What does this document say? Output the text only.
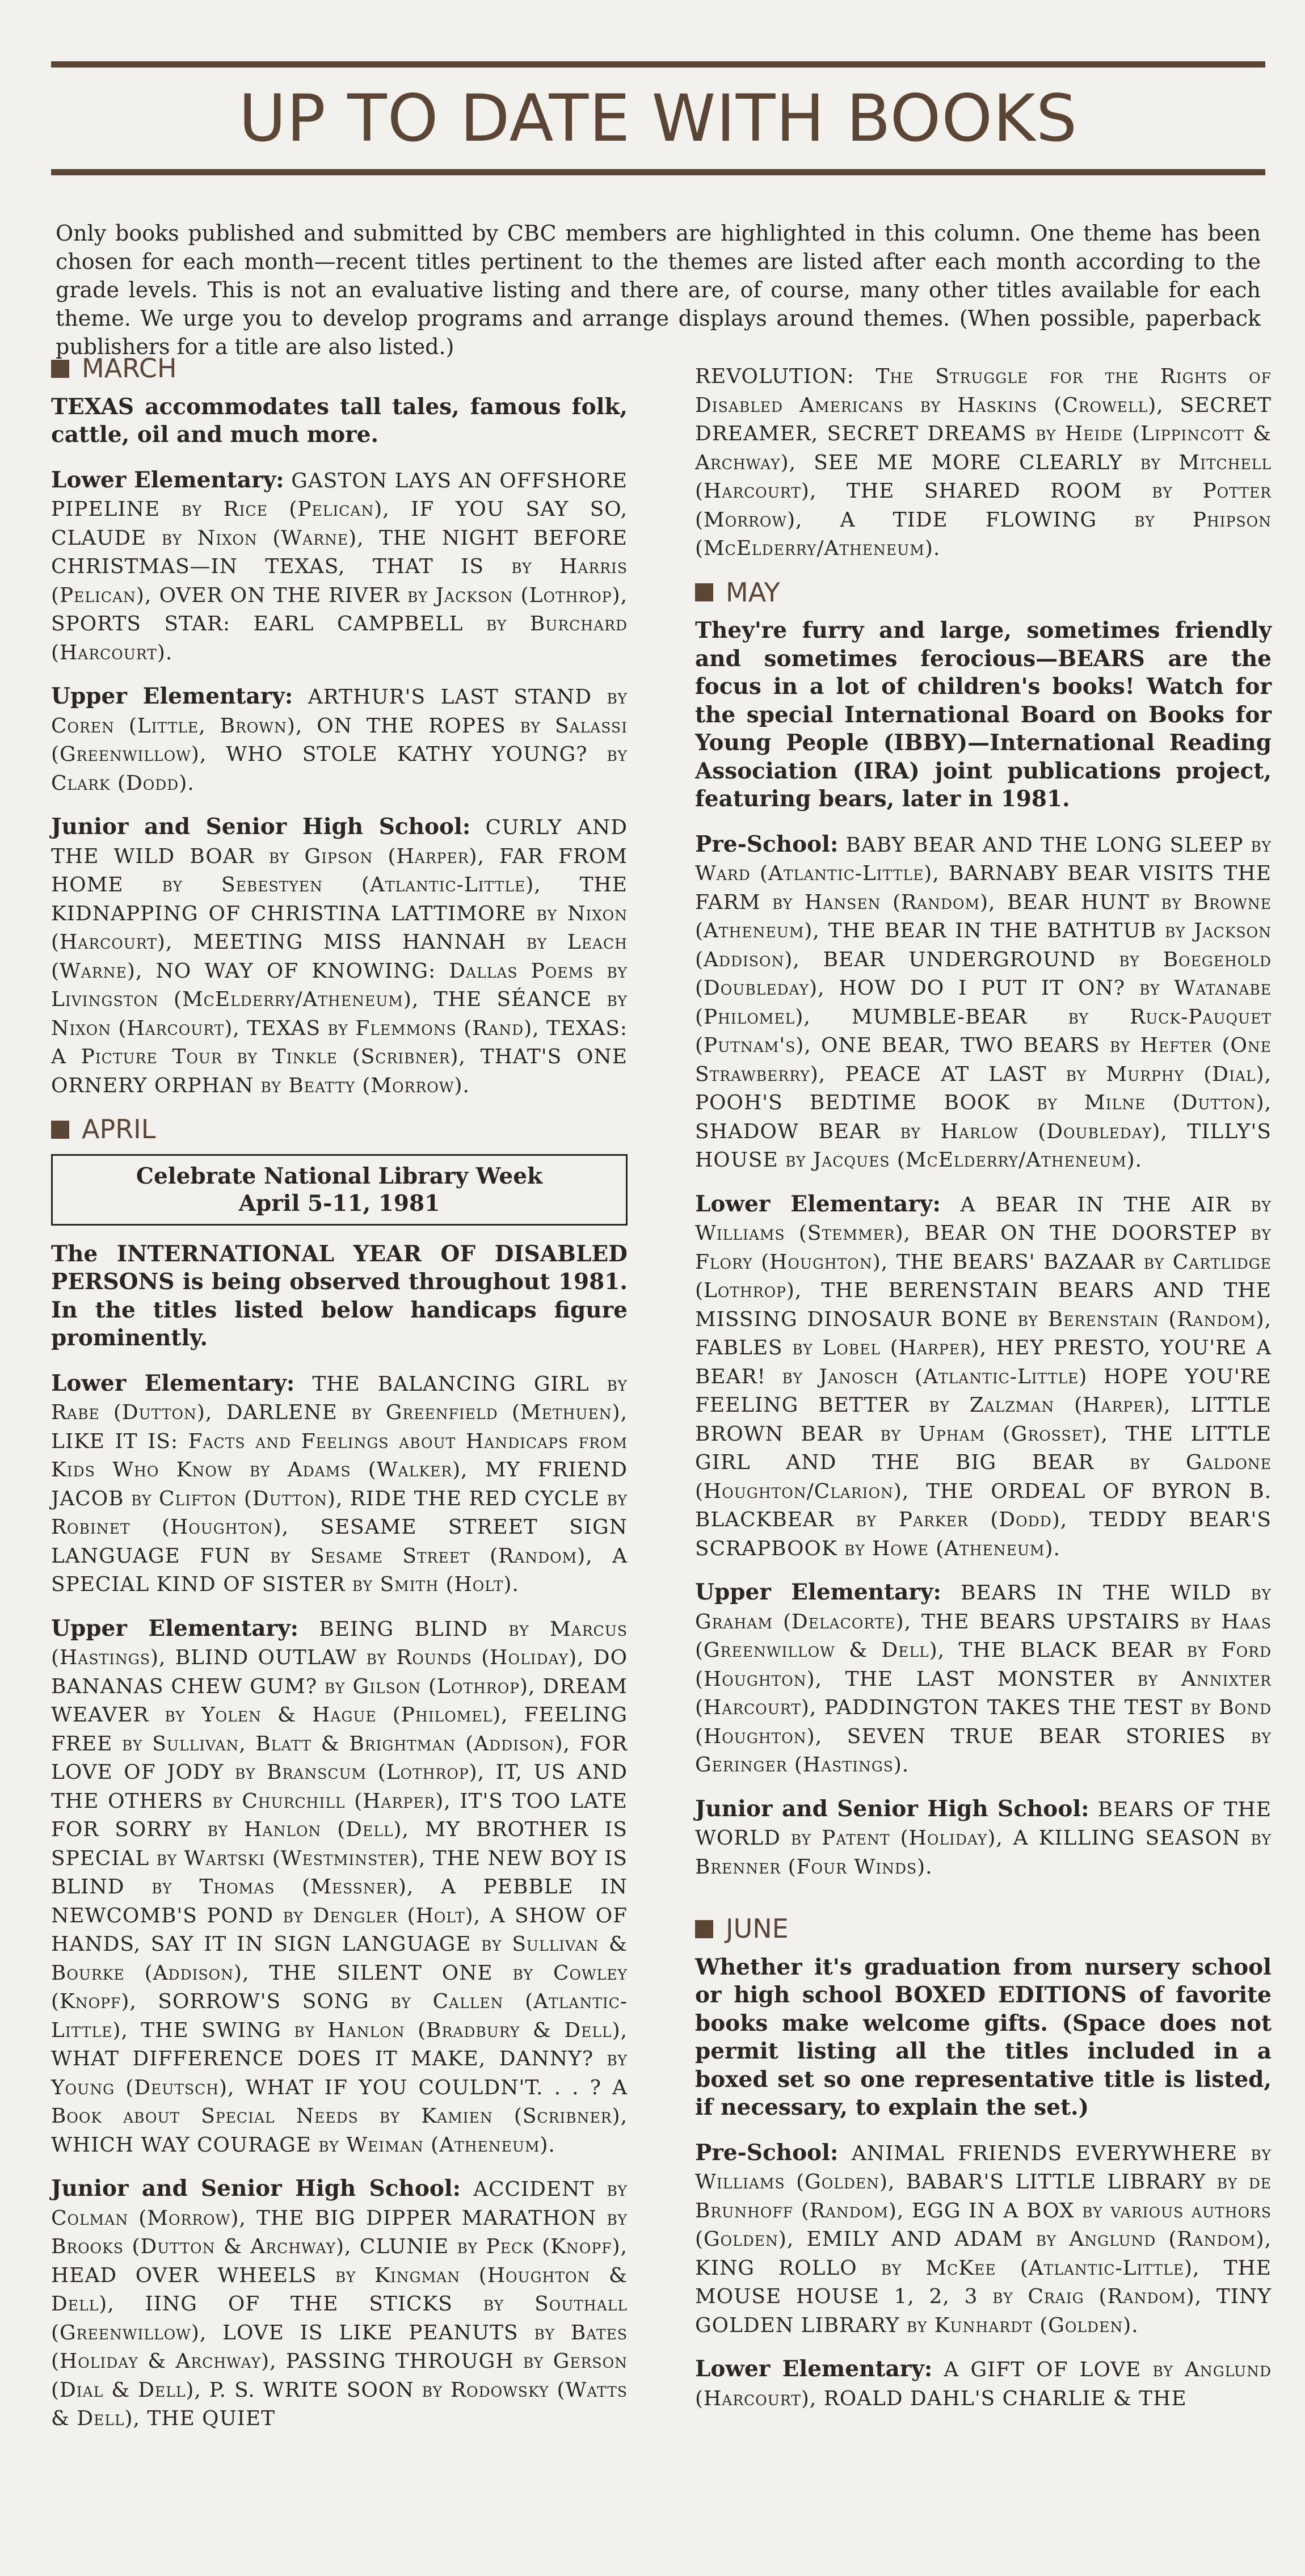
UP TO DATE WITH BOOKS

Only books published and submitted by CBC members are highlighted in this column. One theme has been chosen for each month—recent titles pertinent to the themes are listed after each month according to the grade levels. This is not an evaluative listing and there are, of course, many other titles available for each theme. We urge you to develop programs and arrange displays around themes. (When possible, paperback publishers for a title are also listed.)

MARCH

TEXAS accommodates tall tales, famous folk, cattle, oil and much more.

Lower Elementary: GASTON LAYS AN OFFSHORE PIPELINE by Rice (Pelican), IF YOU SAY SO, CLAUDE by Nixon (Warne), THE NIGHT BEFORE CHRISTMAS—IN TEXAS, THAT IS by Harris (Pelican), OVER ON THE RIVER by Jackson (Lothrop), SPORTS STAR: EARL CAMPBELL by Burchard (Harcourt).

Upper Elementary: ARTHUR'S LAST STAND by Coren (Little, Brown), ON THE ROPES by Salassi (Greenwillow), WHO STOLE KATHY YOUNG? by Clark (Dodd).

Junior and Senior High School: CURLY AND THE WILD BOAR by Gipson (Harper), FAR FROM HOME by Sebestyen (Atlantic-Little), THE KIDNAPPING OF CHRISTINA LATTIMORE by Nixon (Harcourt), MEETING MISS HANNAH by Leach (Warne), NO WAY OF KNOWING: Dallas Poems by Livingston (McElderry/Atheneum), THE SÉANCE by Nixon (Harcourt), TEXAS by Flemmons (Rand), TEXAS: A Picture Tour by Tinkle (Scribner), THAT'S ONE ORNERY ORPHAN by Beatty (Morrow).

APRIL
Celebrate National Library Week
April 5-11, 1981

The INTERNATIONAL YEAR OF DISABLED PERSONS is being observed throughout 1981. In the titles listed below handicaps figure prominently.

Lower Elementary: THE BALANCING GIRL by Rabe (Dutton), DARLENE by Greenfield (Methuen), LIKE IT IS: Facts and Feelings about Handicaps from Kids Who Know by Adams (Walker), MY FRIEND JACOB by Clifton (Dutton), RIDE THE RED CYCLE by Robinet (Houghton), SESAME STREET SIGN LANGUAGE FUN by Sesame Street (Random), A SPECIAL KIND OF SISTER by Smith (Holt).

Upper Elementary: BEING BLIND by Marcus (Hastings), BLIND OUTLAW by Rounds (Holiday), DO BANANAS CHEW GUM? by Gilson (Lothrop), DREAM WEAVER by Yolen & Hague (Philomel), FEELING FREE by Sullivan, Blatt & Brightman (Addison), FOR LOVE OF JODY by Branscum (Lothrop), IT, US AND THE OTHERS by Churchill (Harper), IT'S TOO LATE FOR SORRY by Hanlon (Dell), MY BROTHER IS SPECIAL by Wartski (Westminster), THE NEW BOY IS BLIND by Thomas (Messner), A PEBBLE IN NEWCOMB'S POND by Dengler (Holt), A SHOW OF HANDS, SAY IT IN SIGN LANGUAGE by Sullivan & Bourke (Addison), THE SILENT ONE by Cowley (Knopf), SORROW'S SONG by Callen (Atlantic-Little), THE SWING by Hanlon (Bradbury & Dell), WHAT DIFFERENCE DOES IT MAKE, DANNY? by Young (Deutsch), WHAT IF YOU COULDN'T. . . ? A Book about Special Needs by Kamien (Scribner), WHICH WAY COURAGE by Weiman (Atheneum).

Junior and Senior High School: ACCIDENT by Colman (Morrow), THE BIG DIPPER MARATHON by Brooks (Dutton & Archway), CLUNIE by Peck (Knopf), HEAD OVER WHEELS by Kingman (Houghton & Dell), IING OF THE STICKS by Southall (Greenwillow), LOVE IS LIKE PEANUTS by Bates (Holiday & Archway), PASSING THROUGH by Gerson (Dial & Dell), P. S. WRITE SOON by Rodowsky (Watts & Dell), THE QUIET

REVOLUTION: The Struggle for the Rights of Disabled Americans by Haskins (Crowell), SECRET DREAMER, SECRET DREAMS by Heide (Lippincott & Archway), SEE ME MORE CLEARLY by Mitchell (Harcourt), THE SHARED ROOM by Potter (Morrow), A TIDE FLOWING by Phipson (McElderry/Atheneum).

MAY

They're furry and large, sometimes friendly and sometimes ferocious—BEARS are the focus in a lot of children's books! Watch for the special International Board on Books for Young People (IBBY)—International Reading Association (IRA) joint publications project, featuring bears, later in 1981.

Pre-School: BABY BEAR AND THE LONG SLEEP by Ward (Atlantic-Little), BARNABY BEAR VISITS THE FARM by Hansen (Random), BEAR HUNT by Browne (Atheneum), THE BEAR IN THE BATHTUB by Jackson (Addison), BEAR UNDERGROUND by Boegehold (Doubleday), HOW DO I PUT IT ON? by Watanabe (Philomel), MUMBLE-BEAR by Ruck-Pauquet (Putnam's), ONE BEAR, TWO BEARS by Hefter (One Strawberry), PEACE AT LAST by Murphy (Dial), POOH'S BEDTIME BOOK by Milne (Dutton), SHADOW BEAR by Harlow (Doubleday), TILLY'S HOUSE by Jacques (McElderry/Atheneum).

Lower Elementary: A BEAR IN THE AIR by Williams (Stemmer), BEAR ON THE DOORSTEP by Flory (Houghton), THE BEARS' BAZAAR by Cartlidge (Lothrop), THE BERENSTAIN BEARS AND THE MISSING DINOSAUR BONE by Berenstain (Random), FABLES by Lobel (Harper), HEY PRESTO, YOU'RE A BEAR! by Janosch (Atlantic-Little) HOPE YOU'RE FEELING BETTER by Zalzman (Harper), LITTLE BROWN BEAR by Upham (Grosset), THE LITTLE GIRL AND THE BIG BEAR by Galdone (Houghton/Clarion), THE ORDEAL OF BYRON B. BLACKBEAR by Parker (Dodd), TEDDY BEAR'S SCRAPBOOK by Howe (Atheneum).

Upper Elementary: BEARS IN THE WILD by Graham (Delacorte), THE BEARS UPSTAIRS by Haas (Greenwillow & Dell), THE BLACK BEAR by Ford (Houghton), THE LAST MONSTER by Annixter (Harcourt), PADDINGTON TAKES THE TEST by Bond (Houghton), SEVEN TRUE BEAR STORIES by Geringer (Hastings).

Junior and Senior High School: BEARS OF THE WORLD by Patent (Holiday), A KILLING SEASON by Brenner (Four Winds).

JUNE

Whether it's graduation from nursery school or high school BOXED EDITIONS of favorite books make welcome gifts. (Space does not permit listing all the titles included in a boxed set so one representative title is listed, if necessary, to explain the set.)

Pre-School: ANIMAL FRIENDS EVERYWHERE by Williams (Golden), BABAR'S LITTLE LIBRARY by de Brunhoff (Random), EGG IN A BOX by various authors (Golden), EMILY AND ADAM by Anglund (Random), KING ROLLO by McKee (Atlantic-Little), THE MOUSE HOUSE 1, 2, 3 by Craig (Random), TINY GOLDEN LIBRARY by Kunhardt (Golden).

Lower Elementary: A GIFT OF LOVE by Anglund (Harcourt), ROALD DAHL'S CHARLIE & THE
